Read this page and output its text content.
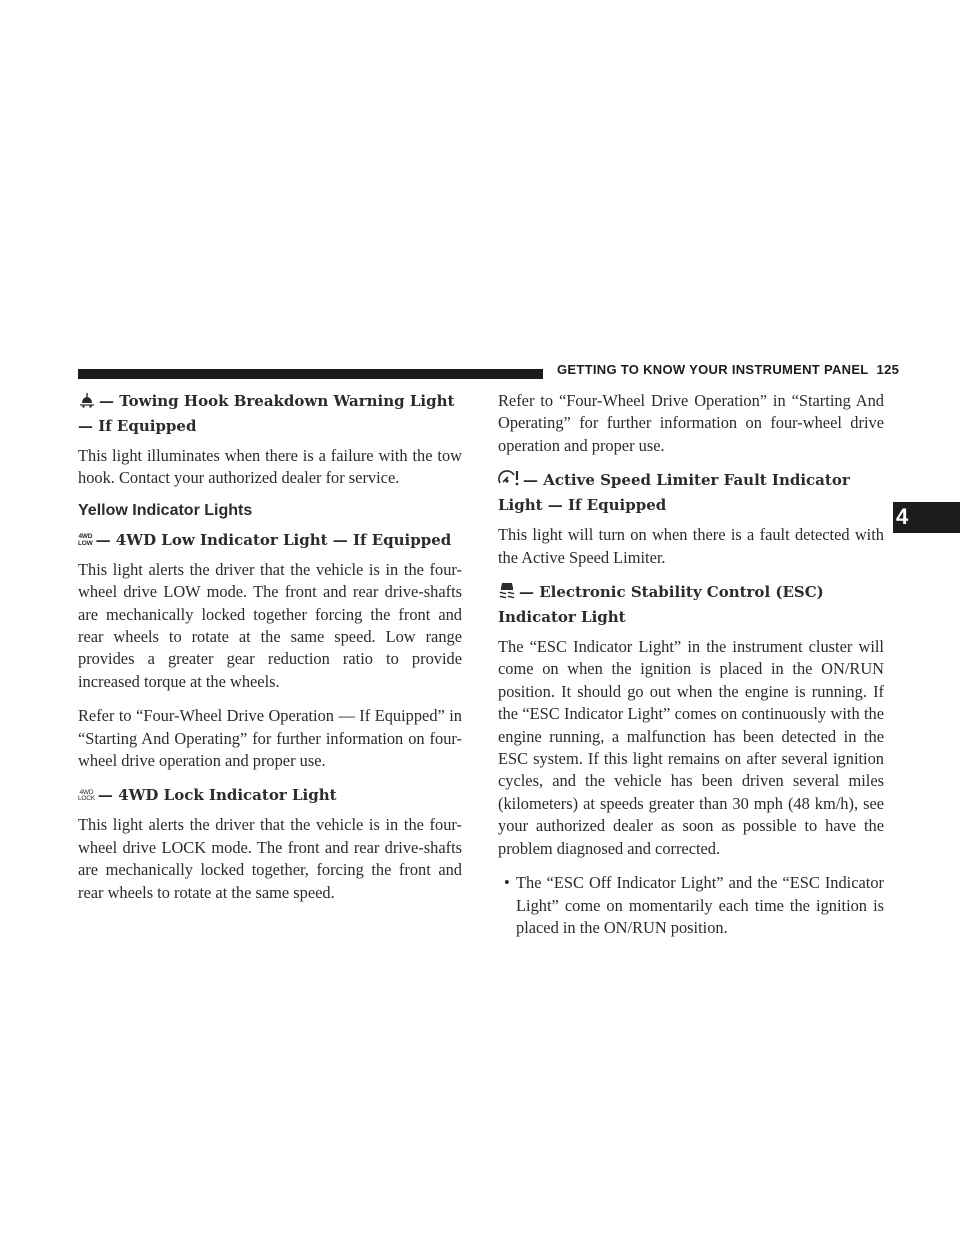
GETTING TO KNOW YOUR INSTRUMENT PANEL 125
4
— Towing Hook Breakdown Warning Light — If Equipped

This light illuminates when there is a failure with the tow hook. Contact your authorized dealer for service.

Yellow Indicator Lights
4WD
LOW — 4WD Low Indicator Light — If Equipped

This light alerts the driver that the vehicle is in the four-wheel drive LOW mode. The front and rear drive-shafts are mechanically locked together forcing the front and rear wheels to rotate at the same speed. Low range provides a greater gear reduction ratio to provide increased torque at the wheels.

Refer to “Four-Wheel Drive Operation — If Equipped” in “Starting And Operating” for further information on four-wheel drive operation and proper use.

4WD
LOCK — 4WD Lock Indicator Light

This light alerts the driver that the vehicle is in the four-wheel drive LOCK mode. The front and rear drive-shafts are mechanically locked together, forcing the front and rear wheels to rotate at the same speed.

Refer to “Four-Wheel Drive Operation” in “Starting And Operating” for further information on four-wheel drive operation and proper use.

— Active Speed Limiter Fault Indicator Light — If Equipped

This light will turn on when there is a fault detected with the Active Speed Limiter.

— Electronic Stability Control (ESC) Indicator Light

The “ESC Indicator Light” in the instrument cluster will come on when the ignition is placed in the ON/RUN position. It should go out when the engine is running. If the “ESC Indicator Light” comes on continuously with the engine running, a malfunction has been detected in the ESC system. If this light remains on after several ignition cycles, and the vehicle has been driven several miles (kilometers) at speeds greater than 30 mph (48 km/h), see your authorized dealer as soon as possible to have the problem diagnosed and corrected.

• The “ESC Off Indicator Light” and the “ESC Indicator Light” come on momentarily each time the ignition is placed in the ON/RUN position.
